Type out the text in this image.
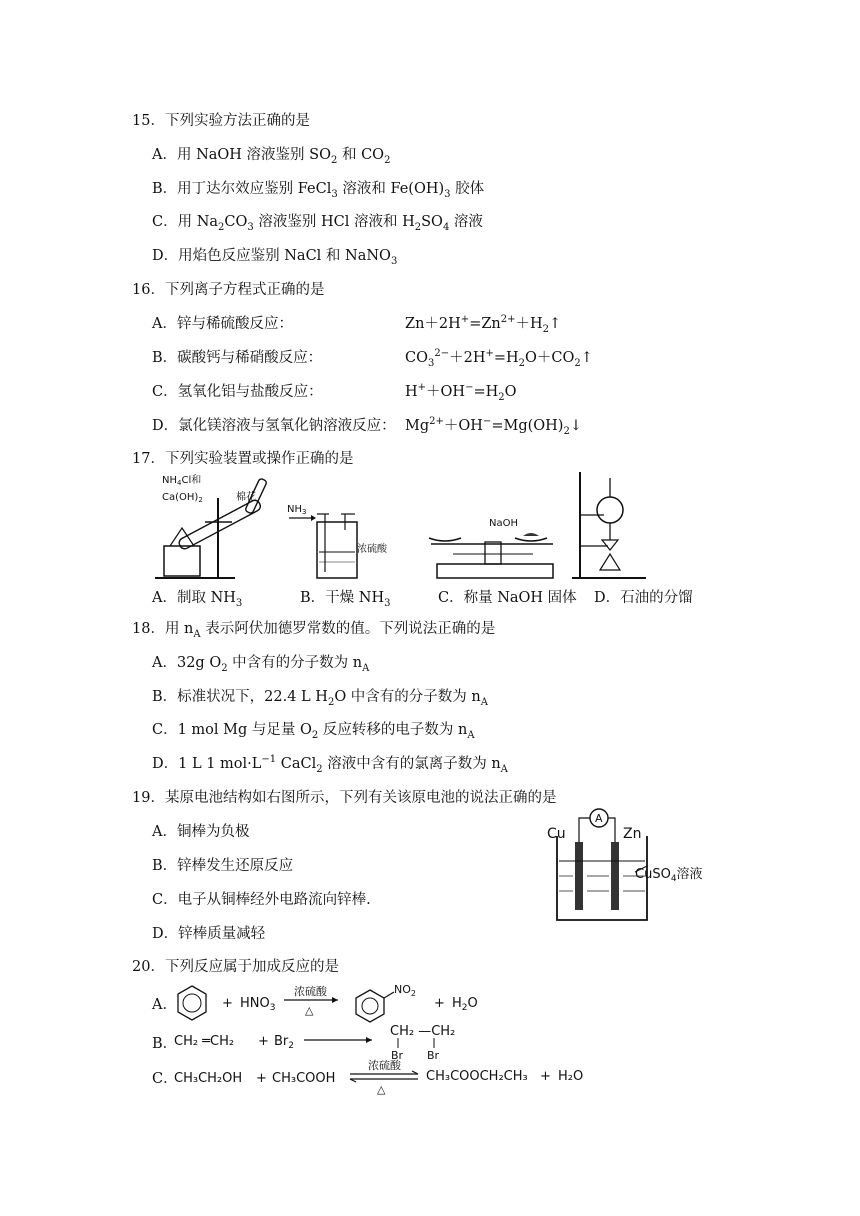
15．下列实验方法正确的是
A．用 NaOH 溶液鉴别 $SO_2$ 和 $CO_2$
B．用丁达尔效应鉴别 FeCl$_3$ 溶液和 $Fe(OH)_3$ 胶体
C．用 $Na_2CO_3$ 溶液鉴别 HCl 溶液和 $H_2SO_4$ 溶液
D．用焰色反应鉴别 NaCl 和 NaNO$_3$
16．下列离子方程式正确的是
A．锌与稀硫酸反应：	$Zn+2H^+=Zn^{2+}+H_2↑$
B．碳酸钙与稀硝酸反应：	$CO_3^{2-}+2H^+=H_2O+CO_2↑$
C．氢氧化铝与盐酸反应：	$H^++OH^-=H_2O$
D．氯化镁溶液与氢氧化钠溶液反应： $Mg^{2+}+OH^-=Mg(OH)_2↓$
17．下列实验装置或操作正确的是
$NH_4Cl$和
$Ca(OH)_2$	棉花
A．制取 $NH_3$
$NH_3$
浓硫酸
B．干燥 $NH_3$
NaOH
C．称量 NaOH 固体 D．石油的分馏
18．用 $n_A$ 表示阿伏加德罗常数的值。下列说法正确的是
A．32g $O_2$ 中含有的分子数为 $n_A$
B．标准状况下，22.4 L $H_2O$ 中含有的分子数为 $n_A$
C．1 mol Mg 与足量 $O_2$ 反应转移的电子数为 $n_A$
D．1 L 1 $mol\cdot L^{-1}$ CaCl$_2$ 溶液中含有的氯离子数为 $n_A$
19．某原电池结构如右图所示，下列有关该原电池的说法正确的是
A．铜棒为负极
B．锌棒发生还原反应
C．电子从铜棒经外电路流向锌棒.
D．锌棒质量减轻
A
Cu	Zn
CuSO$_4$溶液
20．下列反应属于加成反应的是
A．	+ $HNO_3$
浓硫酸
△
$NO_2$
+ $H_2O$
B．
CH₂ ═CH₂ + $Br_2$
CH₂ —CH₂
Br Br
C．
CH₃CH₂OH + CH₃COOH
浓硫酸
△
CH₃COOCH₂CH₃ + H₂O
